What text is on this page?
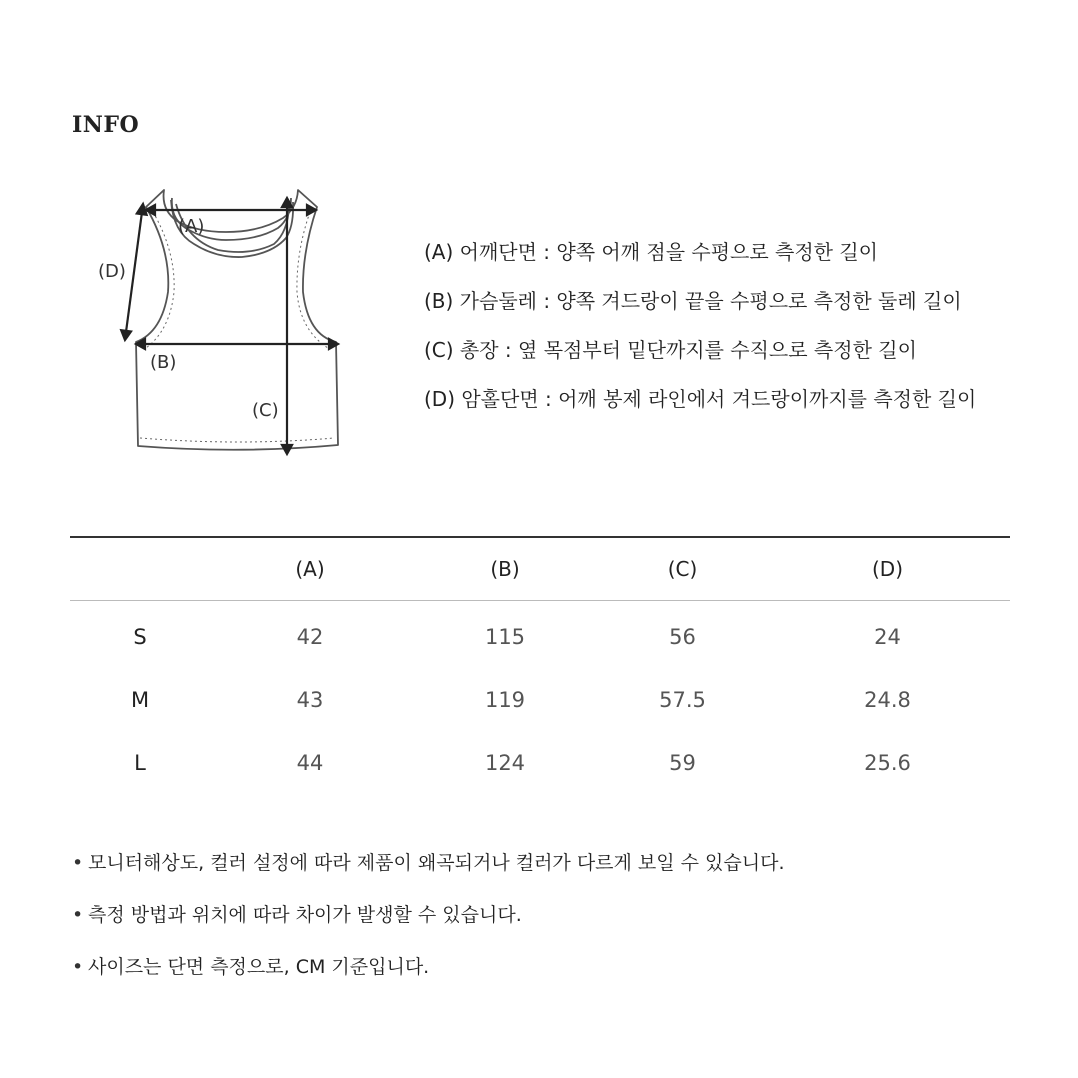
INFO
(A)
(B)
(C)
(D)
(A) 어깨단면 : 양쪽 어깨 점을 수평으로 측정한 길이
(B) 가슴둘레 : 양쪽 겨드랑이 끝을 수평으로 측정한 둘레 길이
(C) 총장 : 옆 목점부터 밑단까지를 수직으로 측정한 길이
(D) 암홀단면 : 어깨 봉제 라인에서 겨드랑이까지를 측정한 길이
	(A)	(B)	(C)	(D)
S	42	115	56	24
M	43	119	57.5	24.8
L	44	124	59	25.6
• 모니터해상도, 컬러 설정에 따라 제품이 왜곡되거나 컬러가 다르게 보일 수 있습니다.
• 측정 방법과 위치에 따라 차이가 발생할 수 있습니다.
• 사이즈는 단면 측정으로, CM 기준입니다.
